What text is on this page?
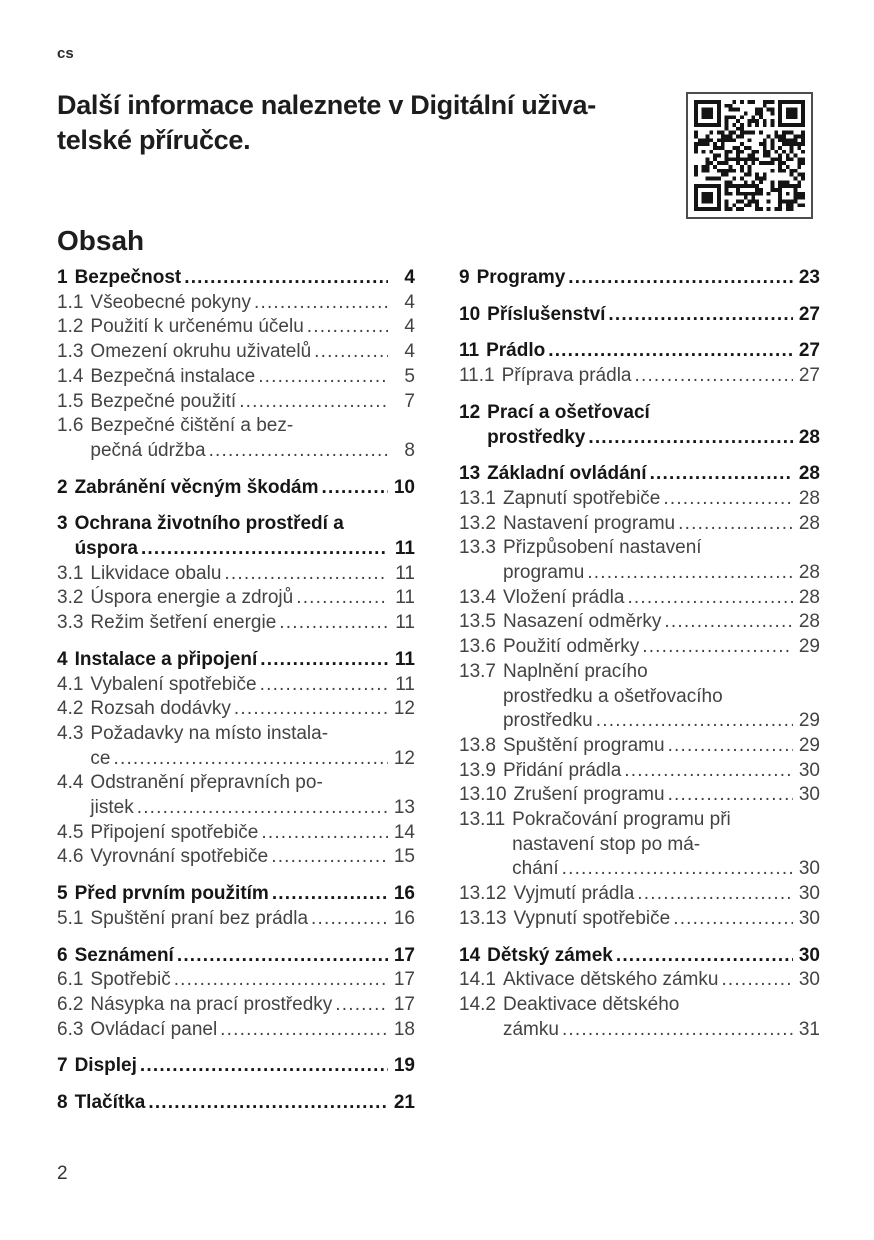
cs
Další informace naleznete v Digitální uživa-
telské příručce.
Obsah
1 Bezpečnost .....	4
1.1 Všeobecné pokyny .....	4
1.2 Použití k určenému účelu .....	4
1.3 Omezení okruhu uživatelů .....	4
1.4 Bezpečná instalace .....	5
1.5 Bezpečné použití .....	7
1.6 Bezpečné čištění a bez-
pečná údržba .....	8
2 Zabránění věcným škodám .....	10
3 Ochrana životního prostředí a
úspora .....	11
3.1 Likvidace obalu .....	11
3.2 Úspora energie a zdrojů .....	11
3.3 Režim šetření energie .....	11
4 Instalace a připojení .....	11
4.1 Vybalení spotřebiče .....	11
4.2 Rozsah dodávky .....	12
4.3 Požadavky na místo instala-
ce .....	12
4.4 Odstranění přepravních po-
jistek .....	13
4.5 Připojení spotřebiče .....	14
4.6 Vyrovnání spotřebiče .....	15
5 Před prvním použitím .....	16
5.1 Spuštění praní bez prádla .....	16
6 Seznámení .....	17
6.1 Spotřebič .....	17
6.2 Násypka na prací prostředky .....	17
6.3 Ovládací panel .....	18
7 Displej .....	19
8 Tlačítka .....	21
9 Programy .....	23
10 Příslušenství .....	27
11 Prádlo .....	27
11.1 Příprava prádla .....	27
12 Prací a ošetřovací
prostředky .....	28
13 Základní ovládání .....	28
13.1 Zapnutí spotřebiče .....	28
13.2 Nastavení programu .....	28
13.3 Přizpůsobení nastavení
programu .....	28
13.4 Vložení prádla .....	28
13.5 Nasazení odměrky .....	28
13.6 Použití odměrky .....	29
13.7 Naplnění pracího
prostředku a ošetřovacího
prostředku .....	29
13.8 Spuštění programu .....	29
13.9 Přidání prádla .....	30
13.10 Zrušení programu .....	30
13.11 Pokračování programu při
nastavení stop po má-
chání .....	30
13.12 Vyjmutí prádla .....	30
13.13 Vypnutí spotřebiče .....	30
14 Dětský zámek .....	30
14.1 Aktivace dětského zámku .....	30
14.2 Deaktivace dětského
zámku .....	31
2
